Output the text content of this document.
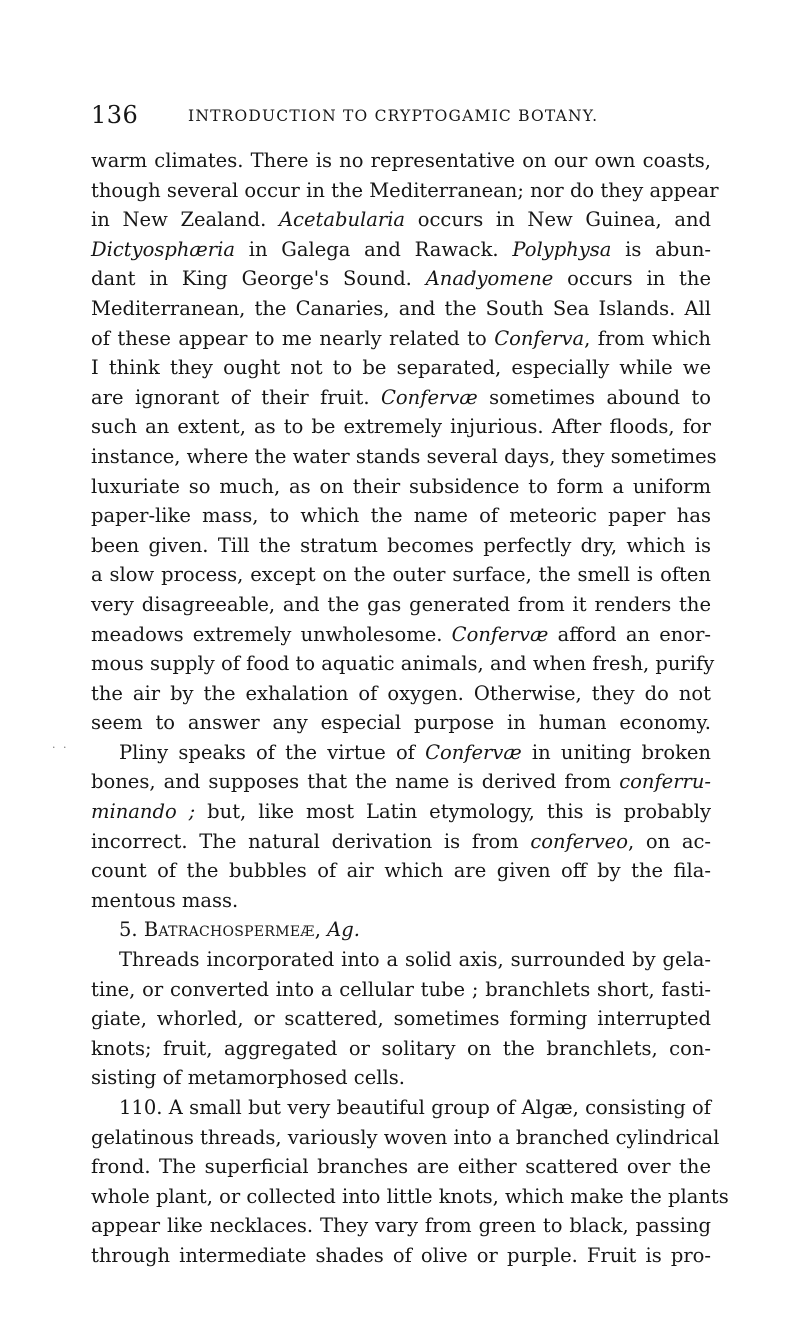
136	INTRODUCTION TO CRYPTOGAMIC BOTANY.
. .
warm climates. There is no representative on our own coasts,
though several occur in the Mediterranean; nor do they appear
in New Zealand. Acetabularia occurs in New Guinea, and
Dictyosphæria in Galega and Rawack. Polyphysa is abun-
dant in King George's Sound. Anadyomene occurs in the
Mediterranean, the Canaries, and the South Sea Islands. All
of these appear to me nearly related to Conferva, from which
I think they ought not to be separated, especially while we
are ignorant of their fruit. Confervæ sometimes abound to
such an extent, as to be extremely injurious. After floods, for
instance, where the water stands several days, they sometimes
luxuriate so much, as on their subsidence to form a uniform
paper-like mass, to which the name of meteoric paper has
been given. Till the stratum becomes perfectly dry, which is
a slow process, except on the outer surface, the smell is often
very disagreeable, and the gas generated from it renders the
meadows extremely unwholesome. Confervæ afford an enor-
mous supply of food to aquatic animals, and when fresh, purify
the air by the exhalation of oxygen. Otherwise, they do not
seem to answer any especial purpose in human economy.
Pliny speaks of the virtue of Confervæ in uniting broken
bones, and supposes that the name is derived from conferru-
minando ; but, like most Latin etymology, this is probably
incorrect. The natural derivation is from conferveo, on ac-
count of the bubbles of air which are given off by the fila-
mentous mass.
5. Batrachospermeæ, Ag.
Threads incorporated into a solid axis, surrounded by gela-
tine, or converted into a cellular tube ; branchlets short, fasti-
giate, whorled, or scattered, sometimes forming interrupted
knots; fruit, aggregated or solitary on the branchlets, con-
sisting of metamorphosed cells.
110. A small but very beautiful group of Algæ, consisting of
gelatinous threads, variously woven into a branched cylindrical
frond. The superficial branches are either scattered over the
whole plant, or collected into little knots, which make the plants
appear like necklaces. They vary from green to black, passing
through intermediate shades of olive or purple. Fruit is pro-
